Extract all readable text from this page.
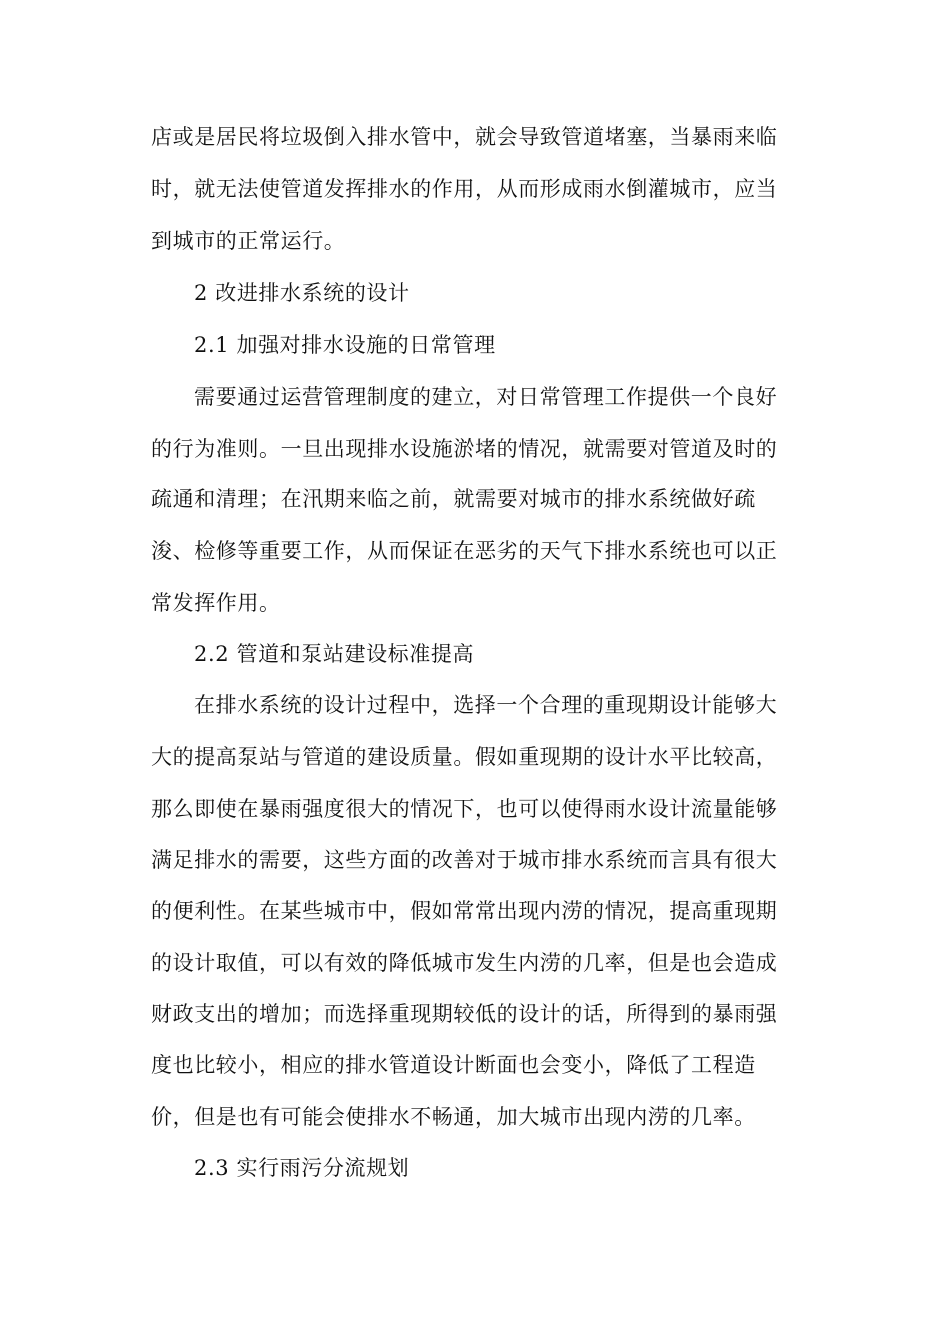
店或是居民将垃圾倒入排水管中，就会导致管道堵塞，当暴雨来临
时，就无法使管道发挥排水的作用，从而形成雨水倒灌城市，应当
到城市的正常运行。
2 改进排水系统的设计
2.1 加强对排水设施的日常管理
需要通过运营管理制度的建立，对日常管理工作提供一个良好
的行为准则。一旦出现排水设施淤堵的情况，就需要对管道及时的
疏通和清理；在汛期来临之前，就需要对城市的排水系统做好疏
浚、检修等重要工作，从而保证在恶劣的天气下排水系统也可以正
常发挥作用。
2.2 管道和泵站建设标准提高
在排水系统的设计过程中，选择一个合理的重现期设计能够大
大的提高泵站与管道的建设质量。假如重现期的设计水平比较高，
那么即使在暴雨强度很大的情况下，也可以使得雨水设计流量能够
满足排水的需要，这些方面的改善对于城市排水系统而言具有很大
的便利性。在某些城市中，假如常常出现内涝的情况，提高重现期
的设计取值，可以有效的降低城市发生内涝的几率，但是也会造成
财政支出的增加；而选择重现期较低的设计的话，所得到的暴雨强
度也比较小，相应的排水管道设计断面也会变小，降低了工程造
价，但是也有可能会使排水不畅通，加大城市出现内涝的几率。
2.3 实行雨污分流规划
